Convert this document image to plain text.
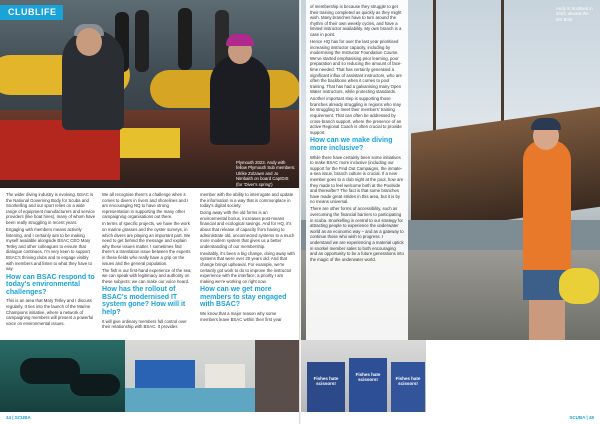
CLUBLIFE
Plymouth 2023. Andy with fellow Plymouth Sub members: Ulrike Zolzawn and Jo Nimbaith on board CapIDIS (for 'Diver's spring')

The wider diving industry is evolving. BSAC is the National Governing Body for Scuba and Snorkelling and our sport relies on a wide range of equipment manufacturers and service providers (like boat hires), many of whom have been really struggling in recent years.

Engaging with members means actively listening, and I certainly aim to be making myself available alongside BSAC CEO Mary Tetley and other colleagues to ensure that dialogue continues. I'm very keen to support BSAC's thriving clubs and to engage visibly with members and listen to what they have to say.

How can BSAC respond to today's environmental challenges?

This is an area that Mary Tetley and I discuss regularly. It ties into the launch of the Marine Champions initiative, where a network of campaigning members will present a powerful voice on environmental issues.

We all recognise there's a challenge when it comes to divers in rivers and shorelines and I am encouraging NQ to have strong representation in supporting the many other campaigning organisations out there.

In terms of specific projects, we have the work on marine grasses and the oyster surveys, in which divers are playing an important part. We need to get behind the message and explain why these issues matter. I sometimes find there's a translation issue between the experts in these fields who really have a grip on the issues and the general population.

The fish is our first-hand experience of the sea; we can speak with legitimacy and authority on these subjects; we can make our voice heard.

How has the rollout of BSAC's modernised IT system gone? How will it help?

It will give ordinary members full control over their relationship with BSAC. It provides

member with the ability to interrogate and update the information in a way that is commonplace in today's digital society.

Doing away with the old forms is an environmental bonus, increases post-means financial and ecological savings. And for HQ, it's about that release of capacity from having to administrate old, unconnected systems to a much more modern system that gives us a better understanding of our membership.

Inevitably, it's been a big change, doing away with systems that were over 20 years old. And that change brings upheaval. For example, we're certainly got work to do to improve the instructor experience with the interface; a priority I am making we're working on right now.

How can we get more members to stay engaged with BSAC?

We know that a major reason why some members leave BSAC within their first year

of membership is because they struggle to get their training completed as quickly as they might wish. Many branches have to turn around the rhythm of their own weekly cycles, and have a limited instructor availability. My own branch is a case in point.

Hence HQ has for over the last year prioritised increasing instructor capacity, including by modernising the Instructor Foundation Course. We've started emphasising prior learning, poor preparation and so reducing the amount of face-time needed. That has certainly generated a significant influx of assistant instructors, who are often the backbone when it comes to pool training. That has had a galvanising many Open Water Instructors, while protecting standards.

Another important step is supporting those branches already struggling in regions who may be struggling to meet their members' training requirement. That can often be addressed by cross-branch support, where the presence of an active Regional Coach is often crucial to provide support.

How can we make diving more inclusive?

While there have certainly been some initiatives to make BSAC more inclusive (including our support for the Find Out Campaigns, the inmate-a-sea issue, branch culture is crucial. If a new member goes to a club night at the pool, how are they made to feel welcome both at the Poolside and thereafter? The fact is that some branches have made great strides in this area, but it is by no means universal.

There are other forms of accessibility, such as overcoming the financial barriers to participating in scuba. Snorkelling is central to our strategy for attracting people to experience the underwater world as an economic way – and as a gateway to continue those who wish to progress. I understand we are experiencing a material uptick in snorkel member sales to both encouraging and an opportunity to be a future generations into the magic of the underwater world.

Andy in Scotland in 2023, aboard the MV Bold
Fishes hate scissors!
Fishes hate scissors!	Fishes hate scissors!
44 | SCUBA	SCUBA | 45
